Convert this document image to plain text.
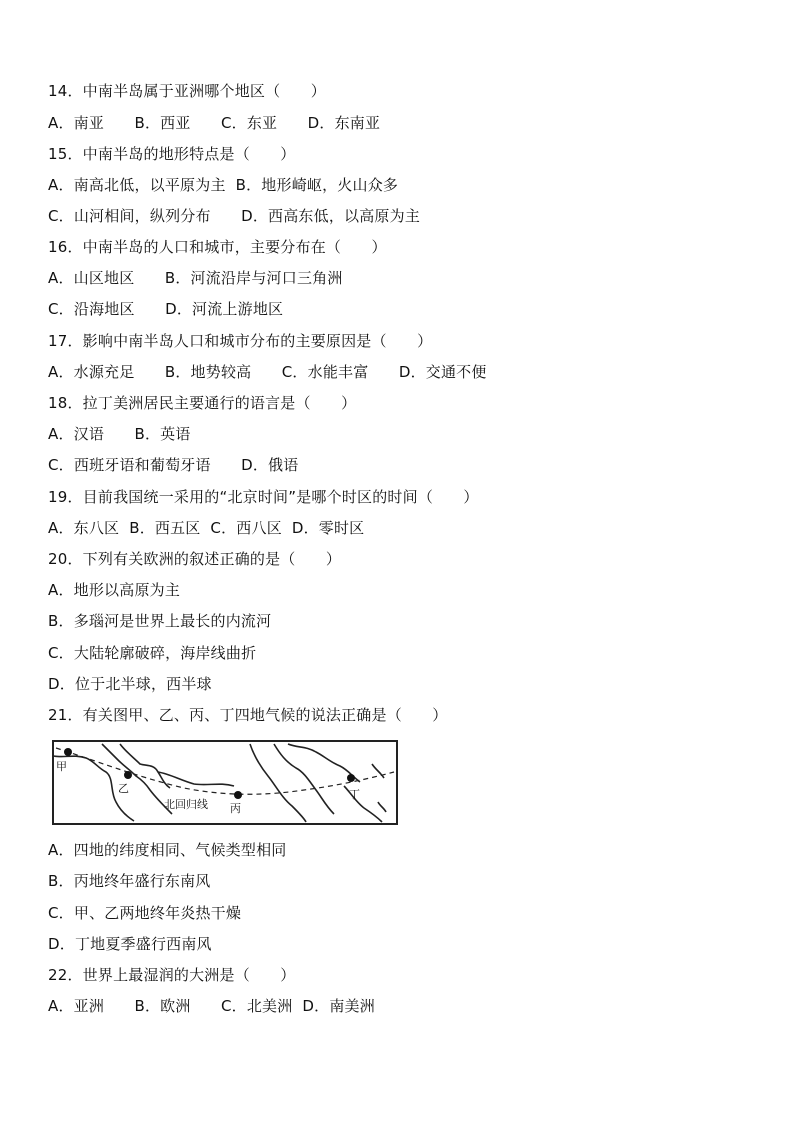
14．中南半岛属于亚洲哪个地区（　　）
A．南亚　　B．西亚　　C．东亚　　D．东南亚
15．中南半岛的地形特点是（　　）
A．南高北低，以平原为主  B．地形崎岖，火山众多
C．山河相间，纵列分布　　D．西高东低，以高原为主
16．中南半岛的人口和城市，主要分布在（　　）
A．山区地区　　B．河流沿岸与河口三角洲
C．沿海地区　　D．河流上游地区
17．影响中南半岛人口和城市分布的主要原因是（　　）
A．水源充足　　B．地势较高　　C．水能丰富　　D．交通不便
18．拉丁美洲居民主要通行的语言是（　　）
A．汉语　　B．英语
C．西班牙语和葡萄牙语　　D．俄语
19．目前我国统一采用的“北京时间”是哪个时区的时间（　　）
A．东八区  B．西五区  C．西八区  D．零时区
20．下列有关欧洲的叙述正确的是（　　）
A．地形以高原为主
B．多瑙河是世界上最长的内流河
C．大陆轮廓破碎，海岸线曲折
D．位于北半球，西半球
21．有关图甲、乙、丙、丁四地气候的说法正确是（　　）
甲
乙
北回归线 丙
丁
A．四地的纬度相同、气候类型相同
B．丙地终年盛行东南风
C．甲、乙两地终年炎热干燥
D．丁地夏季盛行西南风
22．世界上最湿润的大洲是（　　）
A．亚洲　　B．欧洲　　C．北美洲  D．南美洲
